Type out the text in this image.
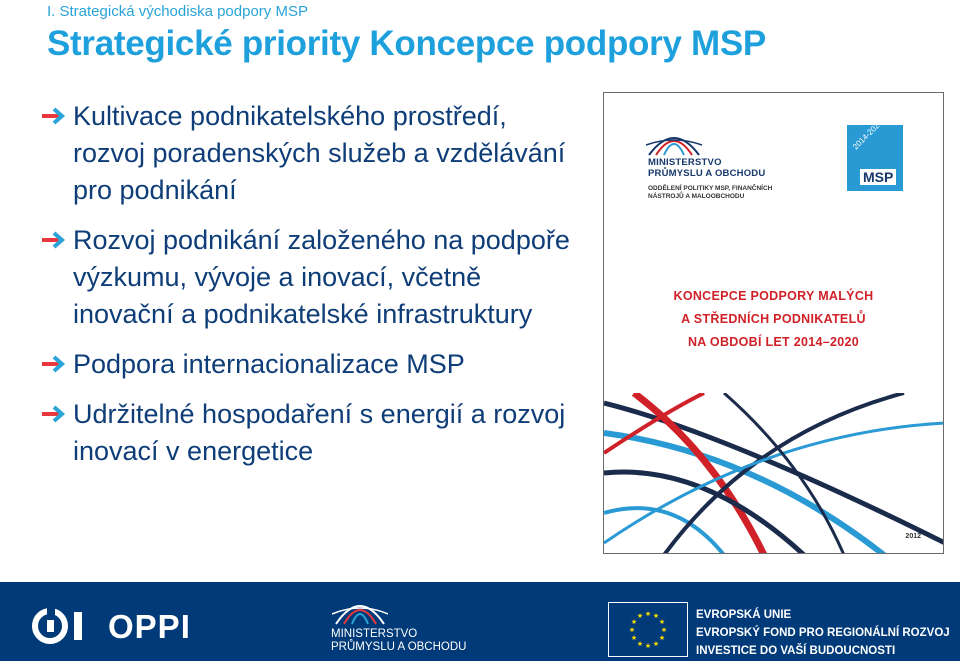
I. Strategická východiska podpory MSP
Strategické priority Koncepce podpory MSP
Kultivace podnikatelského prostředí,
rozvoj poradenských služeb a vzdělávání
pro podnikání
Rozvoj podnikání založeného na podpoře
výzkumu, vývoje a inovací, včetně
inovační a podnikatelské infrastruktury
Podpora internacionalizace MSP
Udržitelné hospodaření s energií a rozvoj
inovací v energetice
MINISTERSTVO
PRŮMYSLU A OBCHODU
ODDĚLENÍ POLITIKY MSP, FINANČNÍCH
NÁSTROJŮ A MALOOBCHODU
2014-2020
MSP
KONCEPCE PODPORY MALÝCH
A STŘEDNÍCH PODNIKATELŮ
NA OBDOBÍ LET 2014–2020
2012
OPPI	MINISTERSTVO
PRŮMYSLU A OBCHODU
★ ★
★
★
★
★
★
★
★
★
★
★	EVROPSKÁ UNIE
EVROPSKÝ FOND PRO REGIONÁLNÍ ROZVOJ
INVESTICE DO VAŠÍ BUDOUCNOSTI
